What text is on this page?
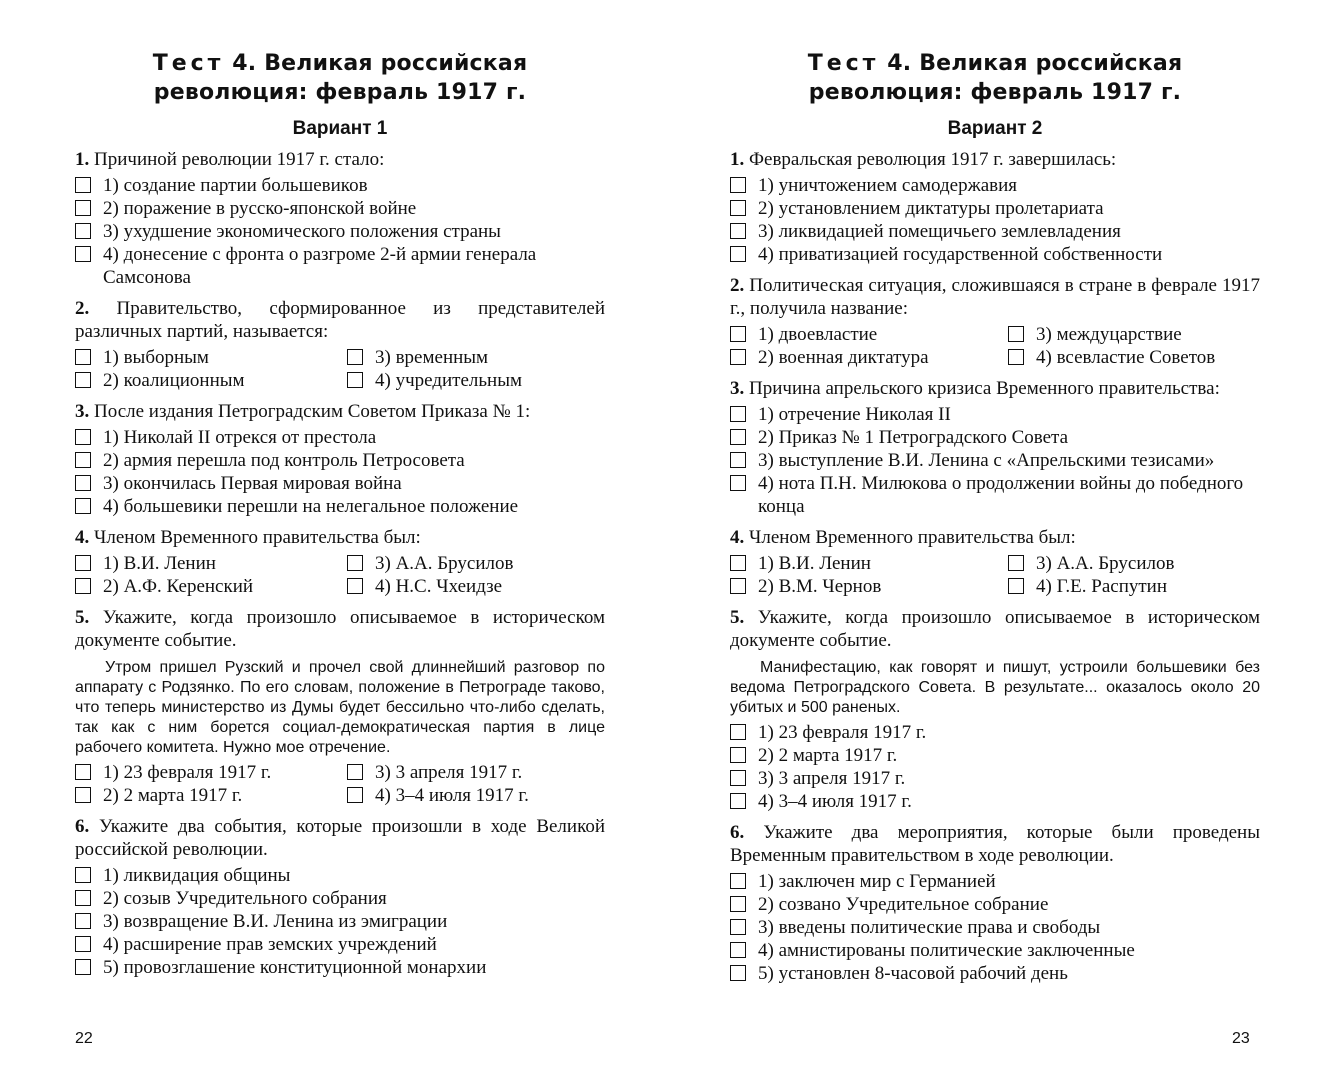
Тест 4. Великая российская
революция: февраль 1917 г.
Вариант 1
1. Причиной революции 1917 г. стало:
1) создание партии большевиков
2) поражение в русско-японской войне
3) ухудшение экономического положения страны
4) донесение с фронта о разгроме 2-й армии генерала Самсонова
2. Правительство, сформированное из представителей различных партий, называется:
1) выборным	3) временным
2) коалиционным	4) учредительным
3. После издания Петроградским Советом Приказа № 1:
1) Николай II отрекся от престола
2) армия перешла под контроль Петросовета
3) окончилась Первая мировая война
4) большевики перешли на нелегальное положение
4. Членом Временного правительства был:
1) В.И. Ленин	3) А.А. Брусилов
2) А.Ф. Керенский	4) Н.С. Чхеидзе
5. Укажите, когда произошло описываемое в историческом документе событие.
Утром пришел Рузский и прочел свой длиннейший разговор по аппарату с Родзянко. По его словам, положение в Петрограде таково, что теперь министерство из Думы будет бессильно что-либо сделать, так как с ним борется социал-демократическая партия в лице рабочего комитета. Нужно мое отречение.
1) 23 февраля 1917 г.	3) 3 апреля 1917 г.
2) 2 марта 1917 г.	4) 3–4 июля 1917 г.
6. Укажите два события, которые произошли в ходе Великой российской революции.
1) ликвидация общины
2) созыв Учредительного собрания
3) возвращение В.И. Ленина из эмиграции
4) расширение прав земских учреждений
5) провозглашение конституционной монархии
Тест 4. Великая российская
революция: февраль 1917 г.
Вариант 2
1. Февральская революция 1917 г. завершилась:
1) уничтожением самодержавия
2) установлением диктатуры пролетариата
3) ликвидацией помещичьего землевладения
4) приватизацией государственной собственности
2. Политическая ситуация, сложившаяся в стране в феврале 1917 г., получила название:
1) двоевластие	3) междуцарствие
2) военная диктатура	4) всевластие Советов
3. Причина апрельского кризиса Временного правительства:
1) отречение Николая II
2) Приказ № 1 Петроградского Совета
3) выступление В.И. Ленина с «Апрельскими тезисами»
4) нота П.Н. Милюкова о продолжении войны до победного конца
4. Членом Временного правительства был:
1) В.И. Ленин	3) А.А. Брусилов
2) В.М. Чернов	4) Г.Е. Распутин
5. Укажите, когда произошло описываемое в историческом документе событие.
Манифестацию, как говорят и пишут, устроили большевики без ведома Петроградского Совета. В результате... оказалось около 20 убитых и 500 раненых.
1) 23 февраля 1917 г.
2) 2 марта 1917 г.
3) 3 апреля 1917 г.
4) 3–4 июля 1917 г.
6. Укажите два мероприятия, которые были проведены Временным правительством в ходе революции.
1) заключен мир с Германией
2) созвано Учредительное собрание
3) введены политические права и свободы
4) амнистированы политические заключенные
5) установлен 8-часовой рабочий день
22	23
